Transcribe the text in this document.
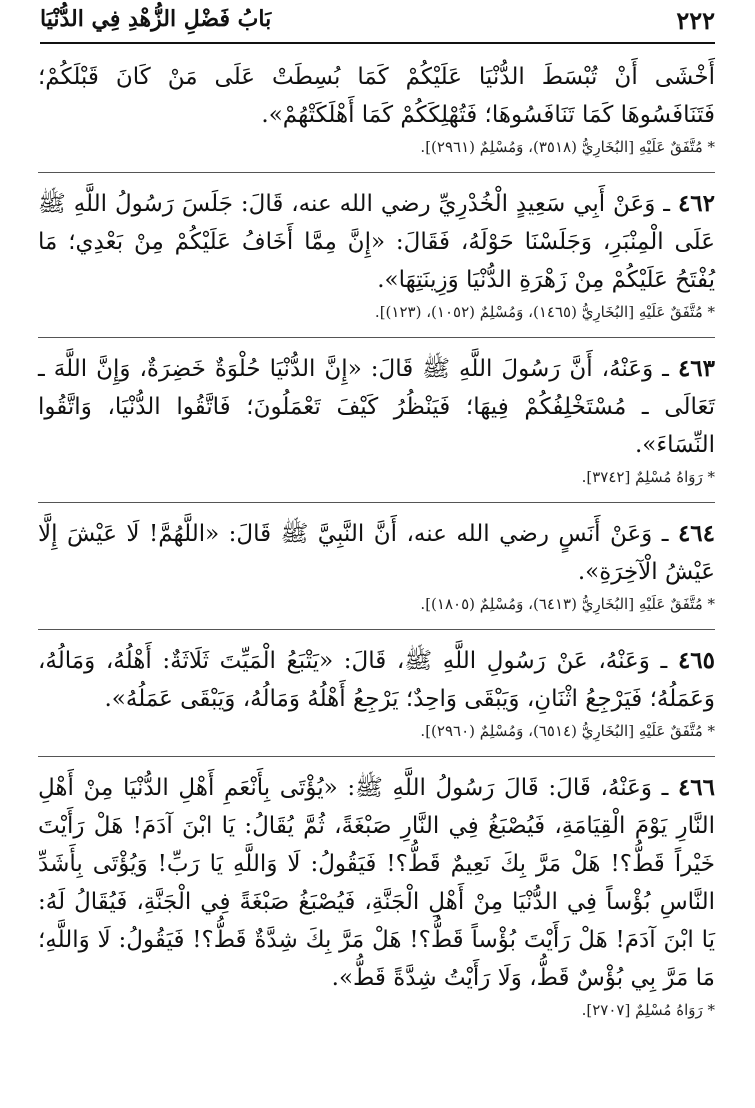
بَابُ فَضْلِ الزُّهْدِ فِي الدُّنْيَا	٢٢٢

أَخْشَى أَنْ تُبْسَطَ الدُّنْيَا عَلَيْكُمْ كَمَا بُسِطَتْ عَلَى مَنْ كَانَ قَبْلَكُمْ؛ فَتَنَافَسُوهَا كَمَا تَنَافَسُوهَا؛ فَتُهْلِكَكُمْ كَمَا أَهْلَكَتْهُمْ».

* مُتَّفَقٌ عَلَيْهِ [البُخَارِيُّ (٣٥١٨)، وَمُسْلِمٌ (٢٩٦١)].

٤٦٢ ـ وَعَنْ أَبِي سَعِيدٍ الْخُدْرِيِّ رضي الله عنه، قَالَ: جَلَسَ رَسُولُ اللَّهِ ﷺ عَلَى الْمِنْبَرِ، وَجَلَسْنَا حَوْلَهُ، فَقَالَ: «إِنَّ مِمَّا أَخَافُ عَلَيْكُمْ مِنْ بَعْدِي؛ مَا يُفْتَحُ عَلَيْكُمْ مِنْ زَهْرَةِ الدُّنْيَا وَزِينَتِهَا».

* مُتَّفَقٌ عَلَيْهِ [البُخَارِيُّ (١٤٦٥)، وَمُسْلِمٌ (١٠٥٢)، (١٢٣)].

٤٦٣ ـ وَعَنْهُ، أَنَّ رَسُولَ اللَّهِ ﷺ قَالَ: «إِنَّ الدُّنْيَا حُلْوَةٌ خَضِرَةٌ، وَإِنَّ اللَّهَ ـ تَعَالَى ـ مُسْتَخْلِفُكُمْ فِيهَا؛ فَيَنْظُرُ كَيْفَ تَعْمَلُونَ؛ فَاتَّقُوا الدُّنْيَا، وَاتَّقُوا النِّسَاءَ».

* رَوَاهُ مُسْلِمٌ [٣٧٤٢].

٤٦٤ ـ وَعَنْ أَنَسٍ رضي الله عنه، أَنَّ النَّبِيَّ ﷺ قَالَ: «اللَّهُمَّ! لَا عَيْشَ إِلَّا عَيْشُ الْآخِرَةِ».

* مُتَّفَقٌ عَلَيْهِ [البُخَارِيُّ (٦٤١٣)، وَمُسْلِمٌ (١٨٠٥)].

٤٦٥ ـ وَعَنْهُ، عَنْ رَسُولِ اللَّهِ ﷺ، قَالَ: «يَتْبَعُ الْمَيِّتَ ثَلَاثَةٌ: أَهْلُهُ، وَمَالُهُ، وَعَمَلُهُ؛ فَيَرْجِعُ اثْنَانِ، وَيَبْقَى وَاحِدٌ؛ يَرْجِعُ أَهْلُهُ وَمَالُهُ، وَيَبْقَى عَمَلُهُ».

* مُتَّفَقٌ عَلَيْهِ [البُخَارِيُّ (٦٥١٤)، وَمُسْلِمٌ (٢٩٦٠)].

٤٦٦ ـ وَعَنْهُ، قَالَ: قَالَ رَسُولُ اللَّهِ ﷺ: «يُؤْتَى بِأَنْعَمِ أَهْلِ الدُّنْيَا مِنْ أَهْلِ النَّارِ يَوْمَ الْقِيَامَةِ، فَيُصْبَغُ فِي النَّارِ صَبْغَةً، ثُمَّ يُقَالُ: يَا ابْنَ آدَمَ! هَلْ رَأَيْتَ خَيْراً قَطُّ؟! هَلْ مَرَّ بِكَ نَعِيمٌ قَطُّ؟! فَيَقُولُ: لَا وَاللَّهِ يَا رَبِّ! وَيُؤْتَى بِأَشَدِّ النَّاسِ بُؤْساً فِي الدُّنْيَا مِنْ أَهْلِ الْجَنَّةِ، فَيُصْبَغُ صَبْغَةً فِي الْجَنَّةِ، فَيُقَالُ لَهُ: يَا ابْنَ آدَمَ! هَلْ رَأَيْتَ بُؤْساً قَطُّ؟! هَلْ مَرَّ بِكَ شِدَّةٌ قَطُّ؟! فَيَقُولُ: لَا وَاللَّهِ؛ مَا مَرَّ بِي بُؤْسٌ قَطُّ، وَلَا رَأَيْتُ شِدَّةً قَطُّ».

* رَوَاهُ مُسْلِمٌ [٢٧٠٧].
